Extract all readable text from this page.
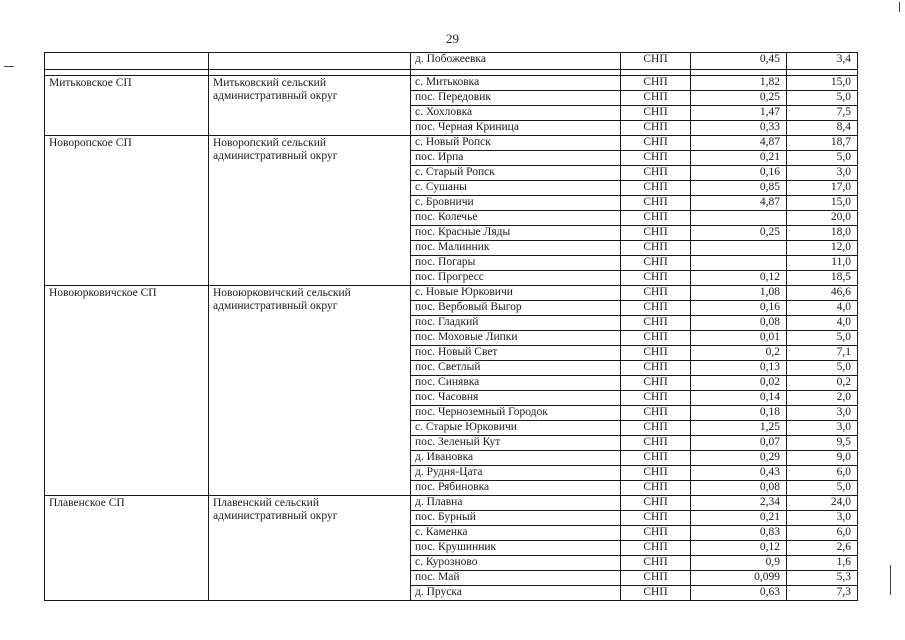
29
		д. Побожеевка	СНП	0,45	3,4

Митьковское СП	Митьковский сельский административный округ	с. Митьковка	СНП	1,82	15,0
		пос. Передовик	СНП	0,25	5,0
		с. Хохловка	СНП	1,47	7,5
		пос. Черная Криница	СНП	0,33	8,4
Новоропское СП	Новоропский сельский административный округ	с. Новый Ропск	СНП	4,87	18,7
		пос. Ирпа	СНП	0,21	5,0
		с. Старый Ропск	СНП	0,16	3,0
		с. Сушаны	СНП	0,85	17,0
		с. Бровничи	СНП	4,87	15,0
		пос. Колечье	СНП		20,0
		пос. Красные Ляды	СНП	0,25	18,0
		пос. Малинник	СНП		12,0
		пос. Погары	СНП		11,0
		пос. Прогресс	СНП	0,12	18,5
Новоюрковичское СП	Новоюрковичский сельский административный округ	с. Новые Юрковичи	СНП	1,08	46,6
		пос. Вербовый Выгор	СНП	0,16	4,0
		пос. Гладкий	СНП	0,08	4,0
		пос. Моховые Липки	СНП	0,01	5,0
		пос. Новый Свет	СНП	0,2	7,1
		пос. Светлый	СНП	0,13	5,0
		пос. Синявка	СНП	0,02	0,2
		пос. Часовня	СНП	0,14	2,0
		пос. Черноземный Городок	СНП	0,18	3,0
		с. Старые Юрковичи	СНП	1,25	3,0
		пос. Зеленый Кут	СНП	0,07	9,5
		д. Ивановка	СНП	0,29	9,0
		д. Рудня-Цата	СНП	0,43	6,0
		пос. Рябиновка	СНП	0,08	5,0
Плавенское СП	Плавенский сельский административный округ	д. Плавна	СНП	2,34	24,0
		пос. Бурный	СНП	0,21	3,0
		с. Каменка	СНП	0,83	6,0
		пос. Крушинник	СНП	0,12	2,6
		с. Курозново	СНП	0,9	1,6
		пос. Май	СНП	0,099	5,3
		д. Пруска	СНП	0,63	7,3
